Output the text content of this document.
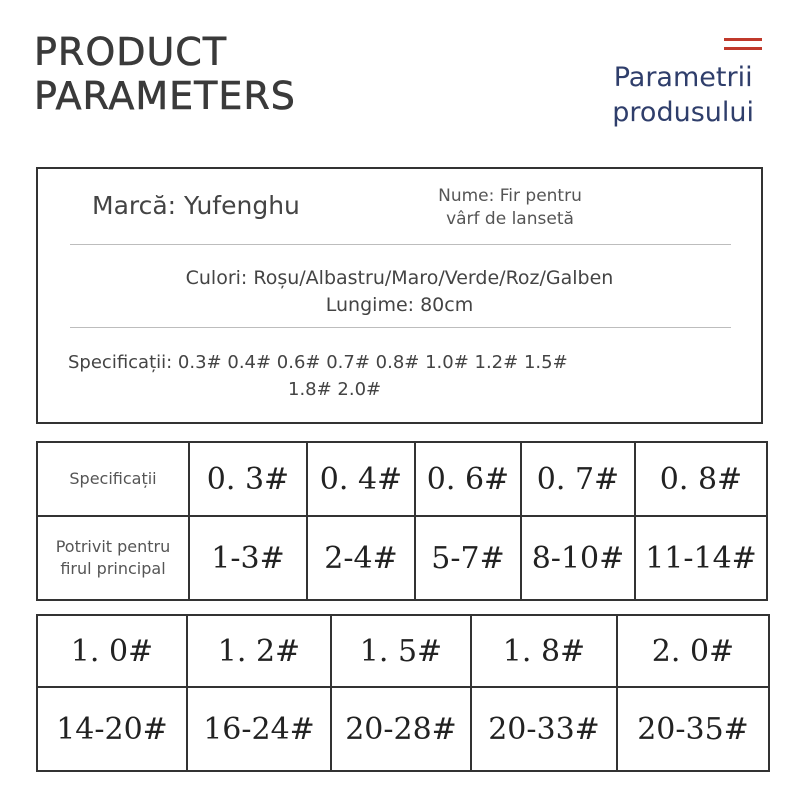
PRODUCT
PARAMETERS	Parametrii
produsului
Marcă: Yufenghu	Nume: Fir pentru
vârf de lansetă
Culori: Roșu/Albastru/Maro/Verde/Roz/Galben
Lungime: 80cm
Specificații: 0.3# 0.4# 0.6# 0.7# 0.8# 1.0# 1.2# 1.5#
1.8# 2.0#
Specificații	0. 3#	0. 4#	0. 6#	0. 7#	0. 8#
Potrivit pentru firul principal	1-3#	2-4#	5-7#	8-10#	11-14#
1. 0#	1. 2#	1. 5#	1. 8#	2. 0#
14-20#	16-24#	20-28#	20-33#	20-35#
